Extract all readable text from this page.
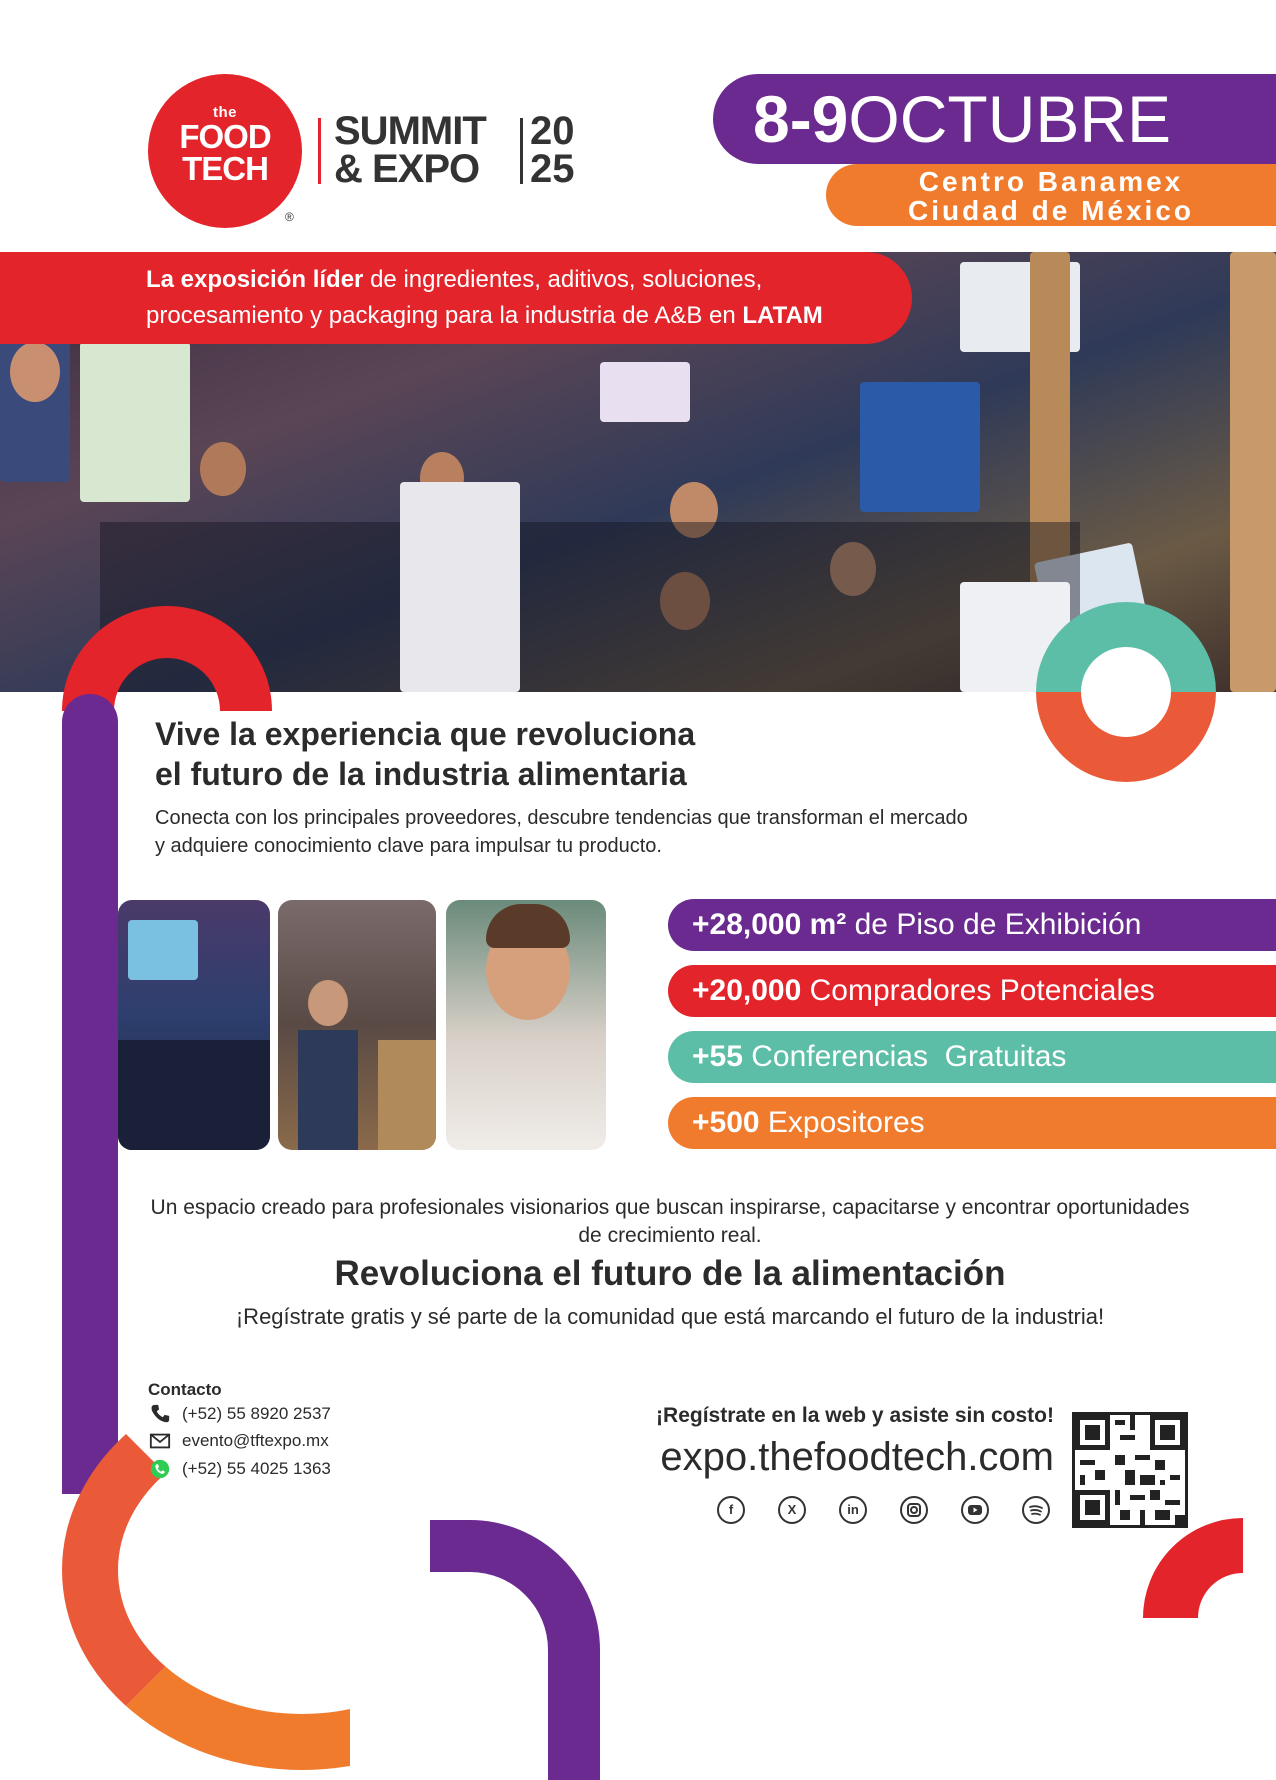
the
FOOD
TECH
®
SUMMIT
& EXPO
20
25
8-9OCTUBRE
Centro Banamex
Ciudad de México
La exposición líder de ingredientes, aditivos, soluciones,
procesamiento y packaging para la industria de A&B en LATAM
Vive la experiencia que revoluciona
el futuro de la industria alimentaria
Conecta con los principales proveedores, descubre tendencias que transforman el mercado
y adquiere conocimiento clave para impulsar tu producto.
+28,000 m² de Piso de Exhibición
+20,000 Compradores Potenciales
+55 Conferencias  Gratuitas
+500 Expositores
Un espacio creado para profesionales visionarios que buscan inspirarse, capacitarse y encontrar oportunidades de crecimiento real.
Revoluciona el futuro de la alimentación
¡Regístrate gratis y sé parte de la comunidad que está marcando el futuro de la industria!
Contacto
(+52) 55 8920 2537
evento@tftexpo.mx
(+52) 55 4025 1363
¡Regístrate en la web y asiste sin costo!
expo.thefoodtech.com
f	X	in
